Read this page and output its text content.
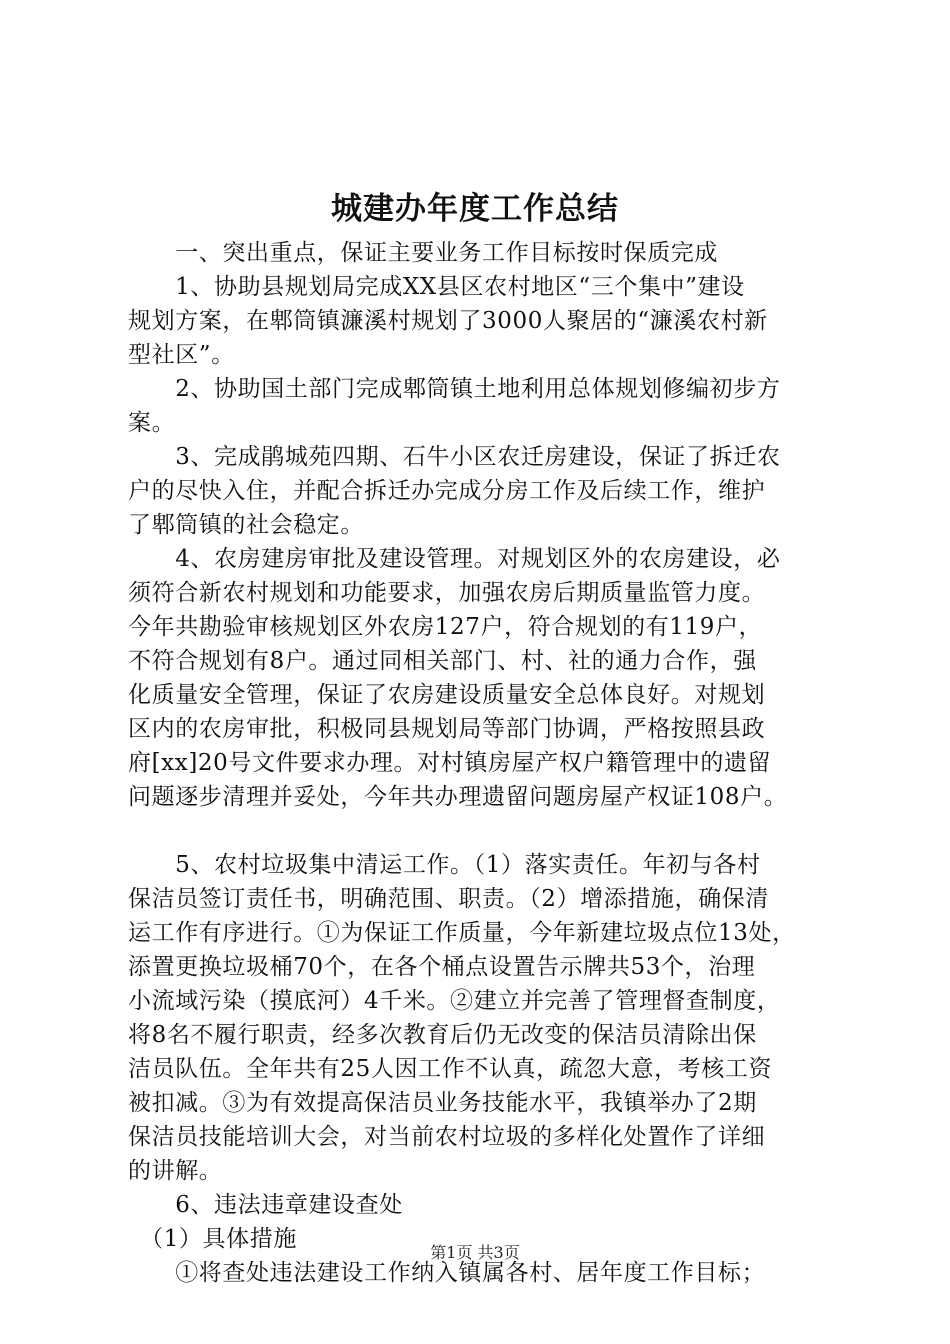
城建办年度工作总结
　　一、突出重点，保证主要业务工作目标按时保质完成
　　1、协助县规划局完成XX县区农村地区“三个集中”建设
规划方案，在郫筒镇濂溪村规划了3000人聚居的“濂溪农村新
型社区”。
　　2、协助国土部门完成郫筒镇土地利用总体规划修编初步方
案。
　　3、完成鹃城苑四期、石牛小区农迁房建设，保证了拆迁农
户的尽快入住，并配合拆迁办完成分房工作及后续工作，维护
了郫筒镇的社会稳定。
　　4、农房建房审批及建设管理。对规划区外的农房建设，必
须符合新农村规划和功能要求，加强农房后期质量监管力度。
今年共勘验审核规划区外农房127户，符合规划的有119户，
不符合规划有8户。通过同相关部门、村、社的通力合作，强
化质量安全管理，保证了农房建设质量安全总体良好。对规划
区内的农房审批，积极同县规划局等部门协调，严格按照县政
府[xx]20号文件要求办理。对村镇房屋产权户籍管理中的遗留
问题逐步清理并妥处，今年共办理遗留问题房屋产权证108户。
　　5、农村垃圾集中清运工作。（1）落实责任。年初与各村
保洁员签订责任书，明确范围、职责。（2）增添措施，确保清
运工作有序进行。①为保证工作质量，今年新建垃圾点位13处，
添置更换垃圾桶70个，在各个桶点设置告示牌共53个，治理
小流域污染（摸底河）4千米。②建立并完善了管理督查制度，
将8名不履行职责，经多次教育后仍无改变的保洁员清除出保
洁员队伍。全年共有25人因工作不认真，疏忽大意，考核工资
被扣减。③为有效提高保洁员业务技能水平，我镇举办了2期
保洁员技能培训大会，对当前农村垃圾的多样化处置作了详细
的讲解。
　　6、违法违章建设查处
　（1）具体措施
　　①将查处违法建设工作纳入镇属各村、居年度工作目标；
第1页 共3页
